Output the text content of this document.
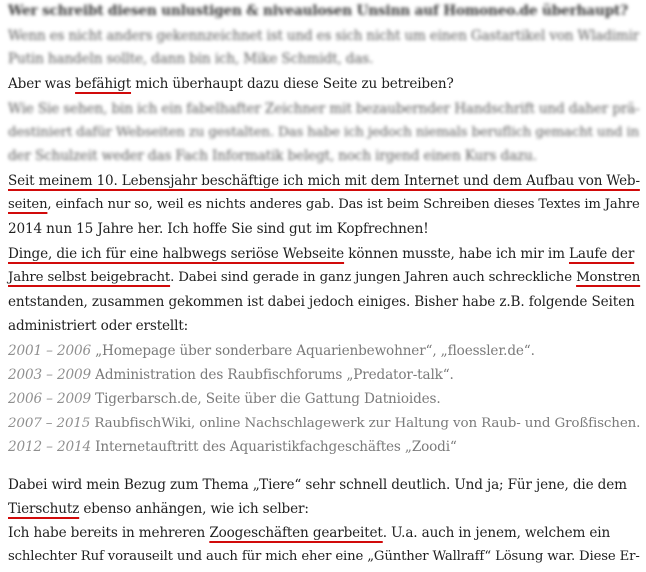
Wer schreibt diesen unlustigen & niveaulosen Unsinn auf Homoneo.de überhaupt?
Wenn es nicht anders gekennzeichnet ist und es sich nicht um einen Gastartikel von Wladimir
Putin handeln sollte, dann bin ich, Mike Schmidt, das.
Aber was befähigt mich überhaupt dazu diese Seite zu betreiben?
Wie Sie sehen, bin ich ein fabelhafter Zeichner mit bezaubernder Handschrift und daher prä-
destiniert dafür Webseiten zu gestalten. Das habe ich jedoch niemals beruflich gemacht und in
der Schulzeit weder das Fach Informatik belegt, noch irgend einen Kurs dazu.
Seit meinem 10. Lebensjahr beschäftige ich mich mit dem Internet und dem Aufbau von Web-
seiten, einfach nur so, weil es nichts anderes gab. Das ist beim Schreiben dieses Textes im Jahre
2014 nun 15 Jahre her. Ich hoffe Sie sind gut im Kopfrechnen!
Dinge, die ich für eine halbwegs seriöse Webseite können musste, habe ich mir im Laufe der
Jahre selbst beigebracht. Dabei sind gerade in ganz jungen Jahren auch schreckliche Monstren
entstanden, zusammen gekommen ist dabei jedoch einiges. Bisher habe z.B. folgende Seiten
administriert oder erstellt:
2001 – 2006 „Homepage über sonderbare Aquarienbewohner“, „floessler.de“.
2003 – 2009 Administration des Raubfischforums „Predator-talk“.
2006 – 2009 Tigerbarsch.de, Seite über die Gattung Datnioides.
2007 – 2015 RaubfischWiki, online Nachschlagewerk zur Haltung von Raub- und Großfischen.
2012 – 2014 Internetauftritt des Aquaristikfachgeschäftes „Zoodi“
Dabei wird mein Bezug zum Thema „Tiere“ sehr schnell deutlich. Und ja; Für jene, die dem
Tierschutz ebenso anhängen, wie ich selber:
Ich habe bereits in mehreren Zoogeschäften gearbeitet. U.a. auch in jenem, welchem ein
schlechter Ruf vorauseilt und auch für mich eher eine „Günther Wallraff“ Lösung war. Diese Er-
